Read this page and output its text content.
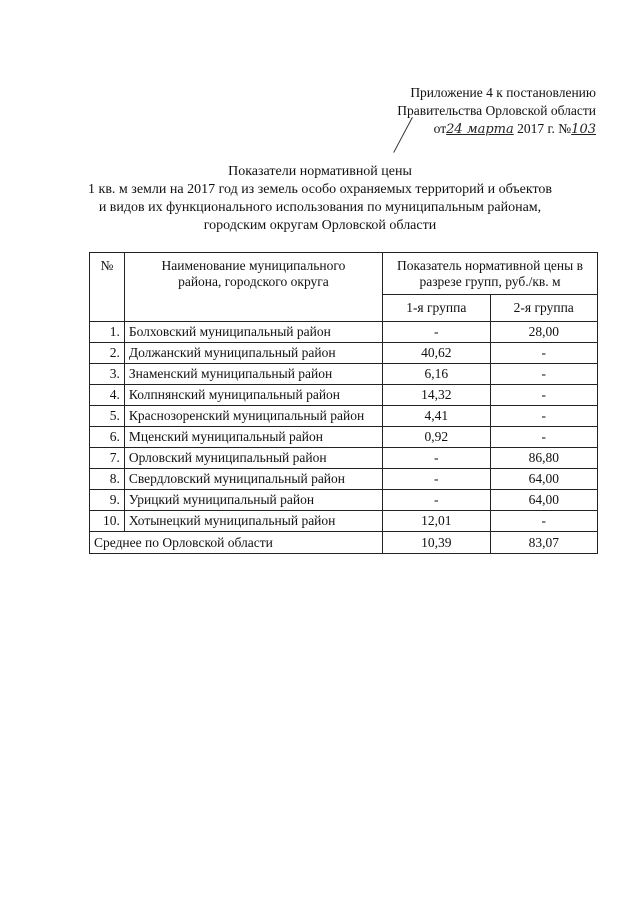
Приложение 4 к постановлению
Правительства Орловской области
от24 марта 2017 г. №103
Показатели нормативной цены
1 кв. м земли на 2017 год из земель особо охраняемых территорий и объектов
и видов их функционального использования по муниципальным районам,
городским округам Орловской области
№	Наименование муниципального района, городского округа	Показатель нормативной цены в разрезе групп, руб./кв. м	
		1-я группа	2-я группа
1.	Болховский муниципальный район	-	28,00
2.	Должанский муниципальный район	40,62	-
3.	Знаменский муниципальный район	6,16	-
4.	Колпнянский муниципальный район	14,32	-
5.	Краснозоренский муниципальный район	4,41	-
6.	Мценский муниципальный район	0,92	-
7.	Орловский муниципальный район	-	86,80
8.	Свердловский муниципальный район	-	64,00
9.	Урицкий муниципальный район	-	64,00
10.	Хотынецкий муниципальный район	12,01	-
Среднее по Орловской области		10,39	83,07
